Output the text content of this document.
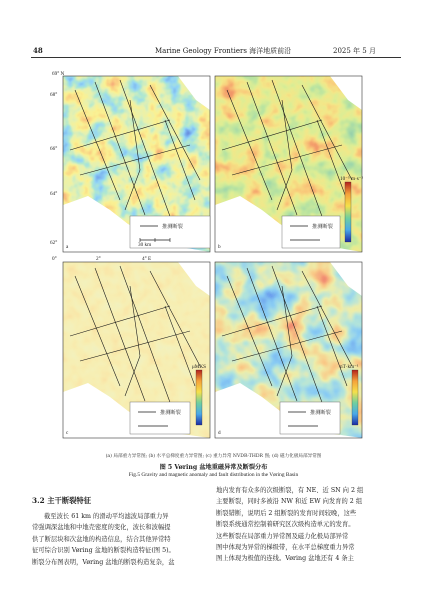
48	Marine Geology Frontiers 海洋地质前沿	2025 年 5 月
69° N
68°
66°
64°
62°
0°	2°	4° E
a	b
c	d
推测断裂
30 km
推测断裂
推测断裂	推测断裂
10⁻⁵ m·s⁻²
μMKS	nT·km⁻¹
(a) 局部重力异常图; (b) 水平总梯度重力异常图; (c) 重力异常 NVDR-THDR 图; (d) 磁力化极局部异常图
图 5 Vøring 盆地重磁异常及断裂分布
Fig.5 Gravity and magnetic anomaly and fault distribution in the Vøring Basin
3.2 主干断裂特征
截至波长 61 km 的滑动平均滤波局部重力异
常强调深盆地和中地壳密度的变化，波长和波幅提
供了断层块和次盆地的构造信息，结合其他异常特
征可综合识别 Vøring 盆地的断裂构造特征(图 5)。
断裂分布图表明，Vøring 盆地的断裂构造复杂，盆
地内发育有众多的次级断裂，有 NE、近 SN 向 2 组
主要断裂，同时多被沿 NW 和近 EW 向发育的 2 组
断裂错断，说明后 2 组断裂的发育时间较晚，这些
断裂系统通常控制着研究区次级构造单元的发育。
这些断裂在局部重力异常图及磁力化极局部异常
图中体现为异常的梯级带，在水平总梯度重力异常
图上体现为极值的连线。Vøring 盆地还有 4 条主
